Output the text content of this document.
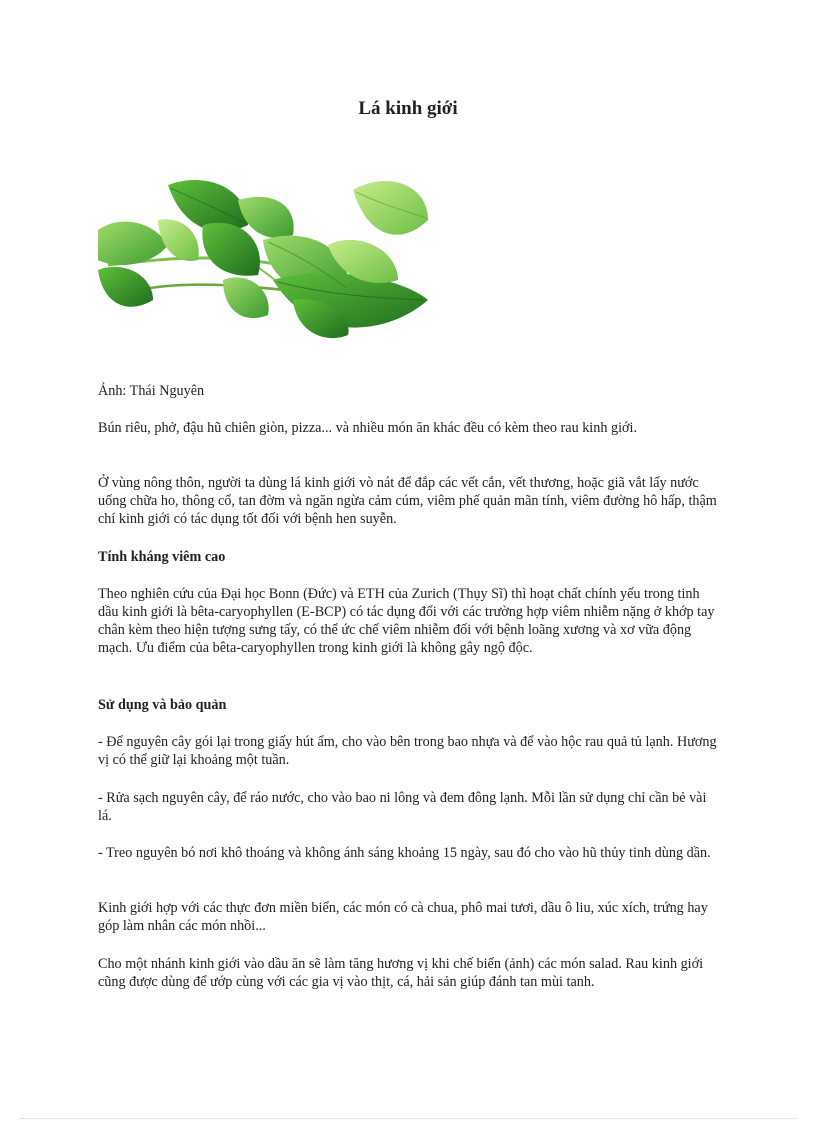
Lá kinh giới

Ảnh: Thái Nguyên

Bún riêu, phở, đậu hũ chiên giòn, pizza... và nhiều món ăn khác đều có kèm theo rau kinh giới.

Ở vùng nông thôn, người ta dùng lá kinh giới vò nát để đắp các vết cắn, vết thương, hoặc giã vắt lấy nước uống chữa ho, thông cổ, tan đờm và ngăn ngừa cảm cúm, viêm phế quản mãn tính, viêm đường hô hấp, thậm chí kinh giới có tác dụng tốt đối với bệnh hen suyễn.

Tính kháng viêm cao

Theo nghiên cứu của Đại học Bonn (Đức) và ETH của Zurich (Thụy Sĩ) thì hoạt chất chính yếu trong tinh dầu kinh giới là bêta-caryophyllen (E-BCP) có tác dụng đối với các trường hợp viêm nhiễm nặng ở khớp tay chân kèm theo hiện tượng sưng tấy, có thể ức chế viêm nhiễm đối với bệnh loãng xương và xơ vữa động mạch. Ưu điểm của bêta-caryophyllen trong kinh giới là không gây ngộ độc.

Sử dụng và bảo quản

- Để nguyên cây gói lại trong giấy hút ẩm, cho vào bên trong bao nhựa và để vào hộc rau quả tủ lạnh. Hương vị có thể giữ lại khoảng một tuần.

- Rửa sạch nguyên cây, để ráo nước, cho vào bao ni lông và đem đông lạnh. Mỗi lần sử dụng chỉ cần bẻ vài lá.

- Treo nguyên bó nơi khô thoáng và không ánh sáng khoảng 15 ngày, sau đó cho vào hũ thủy tinh dùng dần.

Kinh giới hợp với các thực đơn miền biển, các món có cà chua, phô mai tươi, dầu ô liu, xúc xích, trứng hay góp làm nhân các món nhồi...

Cho một nhánh kinh giới vào dầu ăn sẽ làm tăng hương vị khi chế biến (ảnh) các món salad. Rau kinh giới cũng được dùng để ướp cùng với các gia vị vào thịt, cá, hải sản giúp đánh tan mùi tanh.
